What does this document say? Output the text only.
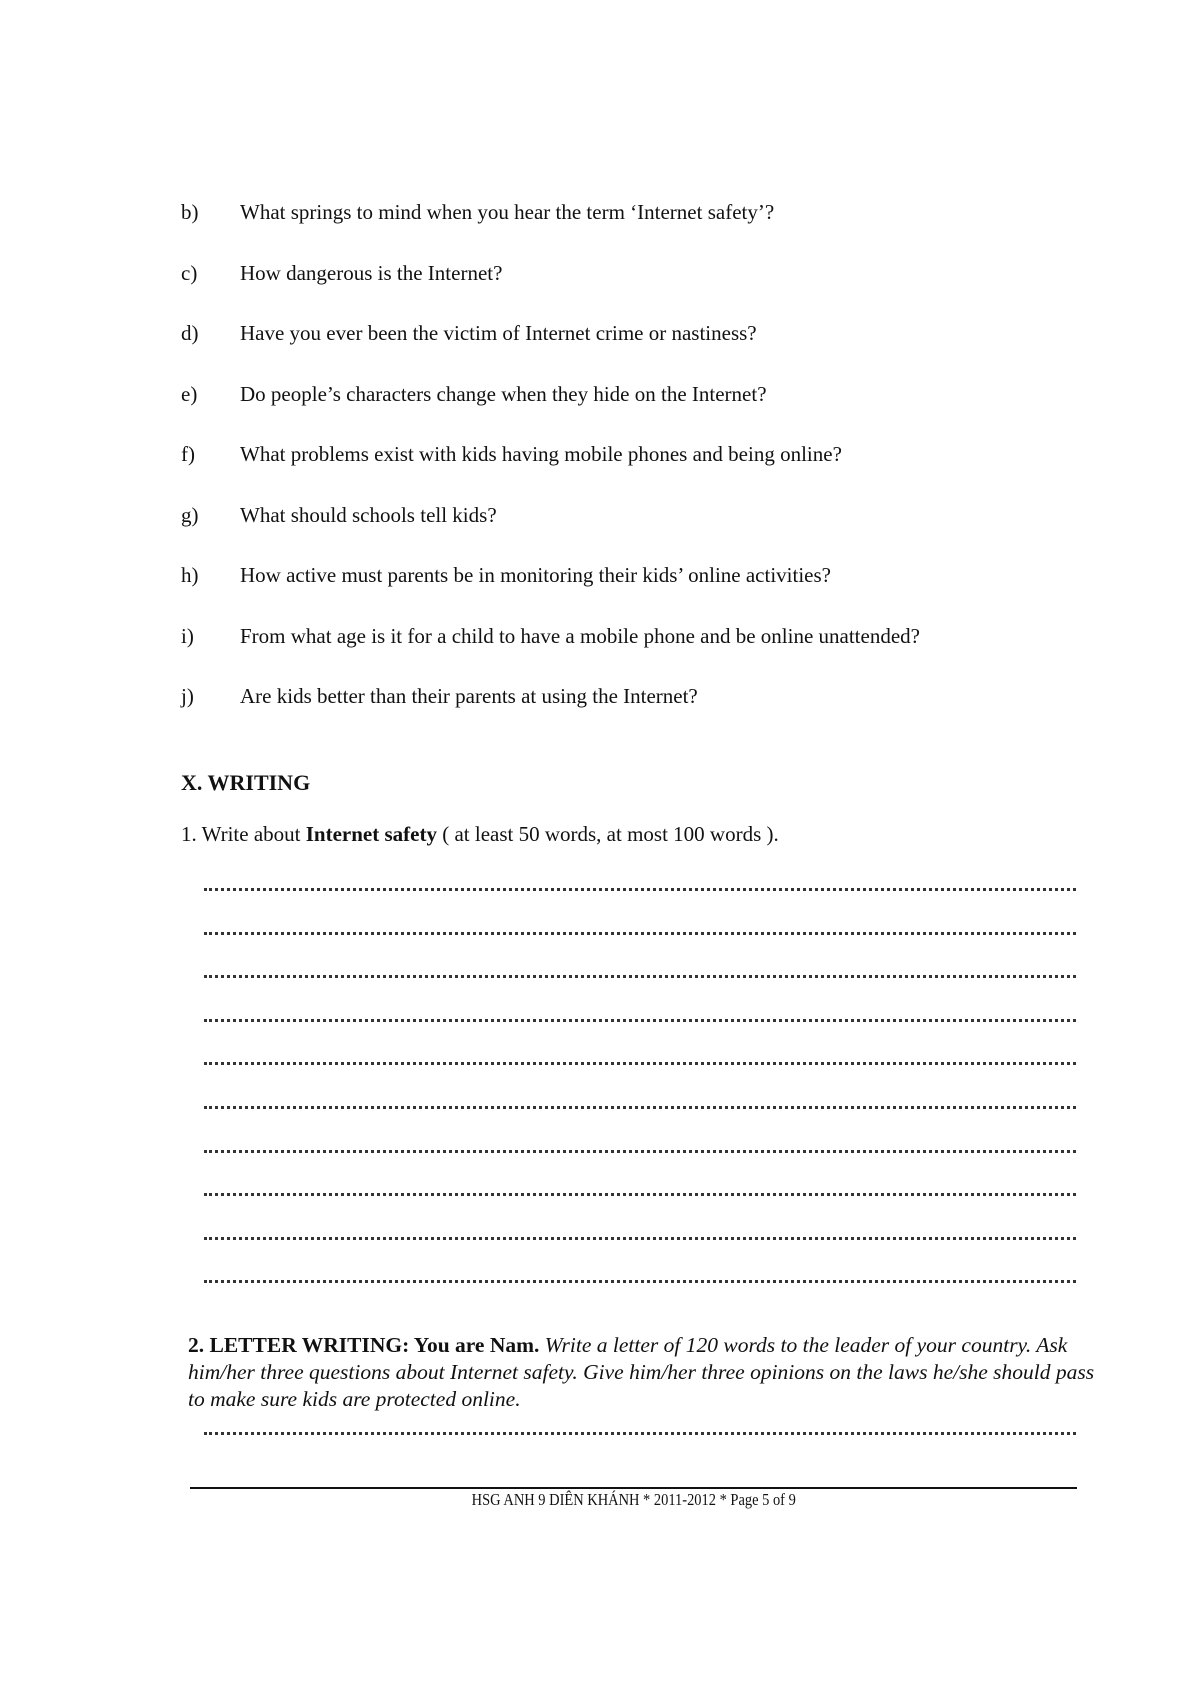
b) What springs to mind when you hear the term ‘Internet safety’?
c) How dangerous is the Internet?
d) Have you ever been the victim of Internet crime or nastiness?
e) Do people’s characters change when they hide on the Internet?
f) What problems exist with kids having mobile phones and being online?
g) What should schools tell kids?
h) How active must parents be in monitoring their kids’ online activities?
i) From what age is it for a child to have a mobile phone and be online unattended?
j) Are kids better than their parents at using the Internet?
X. WRITING
1. Write about Internet safety ( at least 50 words, at most 100 words ).
2. LETTER WRITING: You are Nam. Write a letter of 120 words to the leader of your country. Ask him/her three questions about Internet safety. Give him/her three opinions on the laws he/she should pass to make sure kids are protected online.
HSG ANH 9 DIÊN KHÁNH * 2011-2012 * Page 5 of 9
